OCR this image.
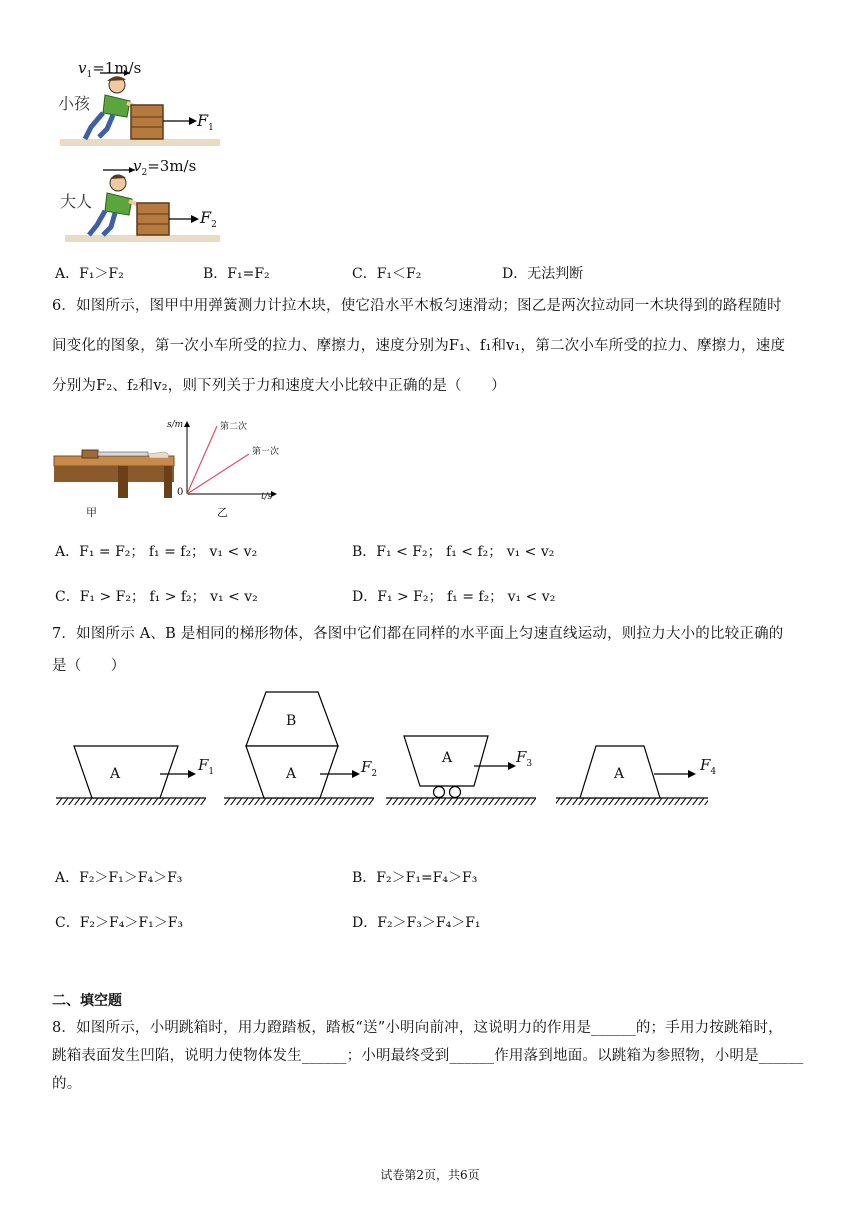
$v_1=1m/s$
小孩
$F_1$
$v_2=3m/s$
大人
$F_2$
A．F₁＞F₂	B．F₁=F₂	C．F₁＜F₂	D．无法判断
6．如图所示，图甲中用弹簧测力计拉木块，使它沿水平木板匀速滑动；图乙是两次拉动同一木块得到的路程随时
间变化的图象，第一次小车所受的拉力、摩擦力，速度分别为F₁、f₁和v₁，第二次小车所受的拉力、摩擦力，速度
分别为F₂、f₂和v₂，则下列关于力和速度大小比较中正确的是（　　）
甲
s/m
0	t/s
第二次
第一次
乙
A．F₁ = F₂； f₁ = f₂； v₁ < v₂	B．F₁ < F₂； f₁ < f₂； v₁ < v₂
C．F₁ > F₂； f₁ > f₂； v₁ < v₂	D．F₁ > F₂； f₁ = f₂； v₁ < v₂
7．如图所示 A、B 是相同的梯形物体，各图中它们都在同样的水平面上匀速直线运动，则拉力大小的比较正确的
是（　　）
A	$F_1$
B
A	$F_2$
A	$F_3$
A	$F_4$
A．F₂＞F₁＞F₄＞F₃	B．F₂＞F₁=F₄＞F₃
C．F₂＞F₄＞F₁＞F₃	D．F₂＞F₃＞F₄＞F₁
二、填空题
8．如图所示，小明跳箱时，用力蹬踏板，踏板“送”小明向前冲，这说明力的作用是______的；手用力按跳箱时，
跳箱表面发生凹陷，说明力使物体发生______；小明最终受到______作用落到地面。以跳箱为参照物，小明是______
的。
试卷第2页，共6页
